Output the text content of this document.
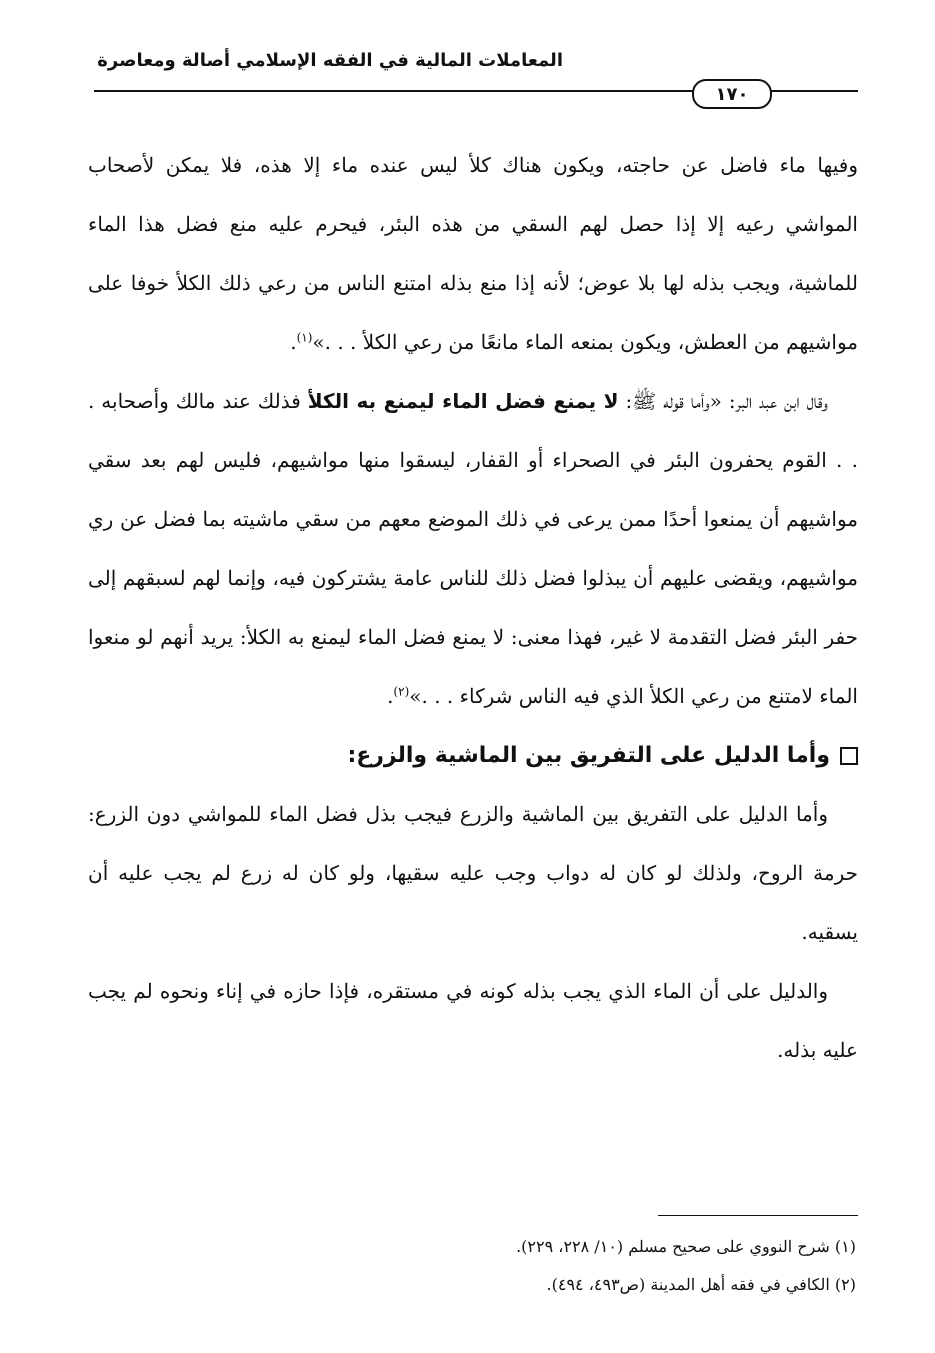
المعاملات المالية في الفقه الإسلامي أصالة ومعاصرة
١٧٠

وفيها ماء فاضل عن حاجته، ويكون هناك كلأ ليس عنده ماء إلا هذه، فلا يمكن لأصحاب المواشي رعيه إلا إذا حصل لهم السقي من هذه البئر، فيحرم عليه منع فضل هذا الماء للماشية، ويجب بذله لها بلا عوض؛ لأنه إذا منع بذله امتنع الناس من رعي ذلك الكلأ خوفا على مواشيهم من العطش، ويكون بمنعه الماء مانعًا من رعي الكلأ . . .»$^{(١)}$.

وقال ابن عبد البر: «وأما قوله ﷺ: لا يمنع فضل الماء ليمنع به الكلأ فذلك عند مالك وأصحابه . . . القوم يحفرون البئر في الصحراء أو القفار، ليسقوا منها مواشيهم، فليس لهم بعد سقي مواشيهم أن يمنعوا أحدًا ممن يرعى في ذلك الموضع معهم من سقي ماشيته بما فضل عن ري مواشيهم، ويقضى عليهم أن يبذلوا فضل ذلك للناس عامة يشتركون فيه، وإنما لهم لسبقهم إلى حفر البئر فضل التقدمة لا غير، فهذا معنى: لا يمنع فضل الماء ليمنع به الكلأ: يريد أنهم لو منعوا الماء لامتنع من رعي الكلأ الذي فيه الناس شركاء . . .»$^{(٢)}$.

وأما الدليل على التفريق بين الماشية والزرع:

وأما الدليل على التفريق بين الماشية والزرع فيجب بذل فضل الماء للمواشي دون الزرع: حرمة الروح، ولذلك لو كان له دواب وجب عليه سقيها، ولو كان له زرع لم يجب عليه أن يسقيه.

والدليل على أن الماء الذي يجب بذله كونه في مستقره، فإذا حازه في إناء ونحوه لم يجب عليه بذله.

(١) شرح النووي على صحيح مسلم (١٠/ ٢٢٨، ٢٢٩).

(٢) الكافي في فقه أهل المدينة (ص٤٩٣، ٤٩٤).
